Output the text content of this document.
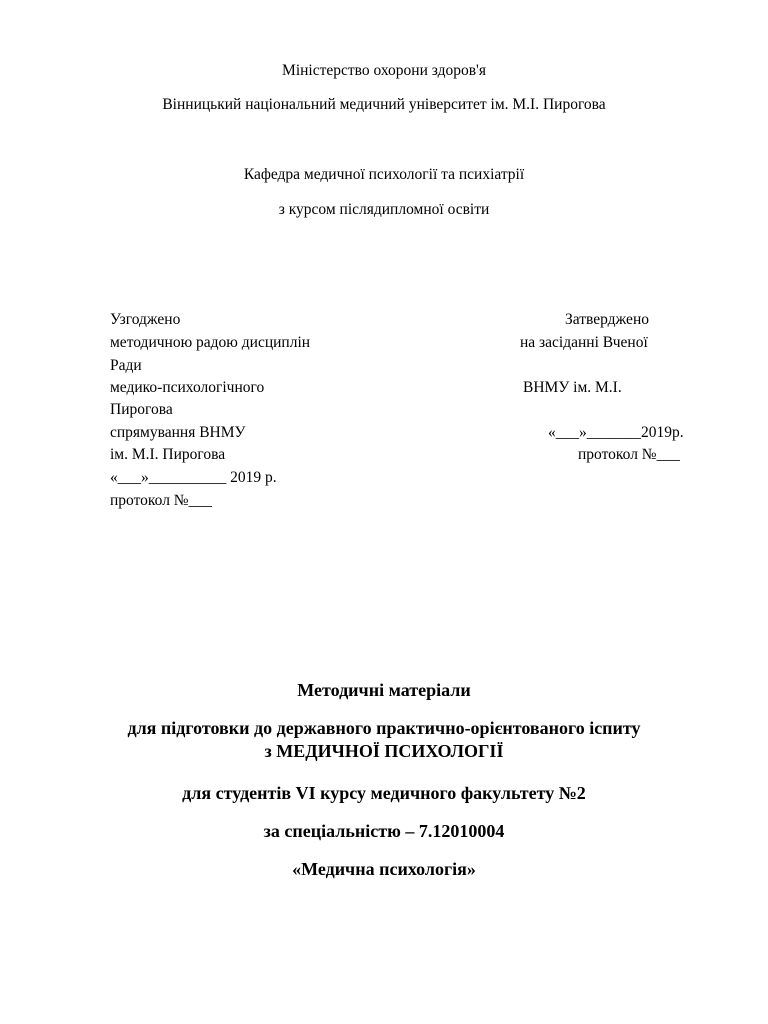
Міністерство охорони здоров'я
Вінницький національний медичний університет ім. М.І. Пирогова
Кафедра медичної психології та психіатрії
з курсом післядипломної освіти
Узгоджено
методичною радою дисциплін
Ради
медико-психологічного
Пирогова
спрямування ВНМУ
ім. М.І. Пирогова
«___»__________ 2019 р.
протокол №___
Затверджено
на засіданні Вченої
ВНМУ ім. М.І.
«___»_______2019р.
протокол №___
Методичні матеріали
для підготовки до державного практично-орієнтованого іспиту
з МЕДИЧНОЇ ПСИХОЛОГІЇ
для студентів VI курсу медичного факультету №2
за спеціальністю – 7.12010004
«Медична психологія»
